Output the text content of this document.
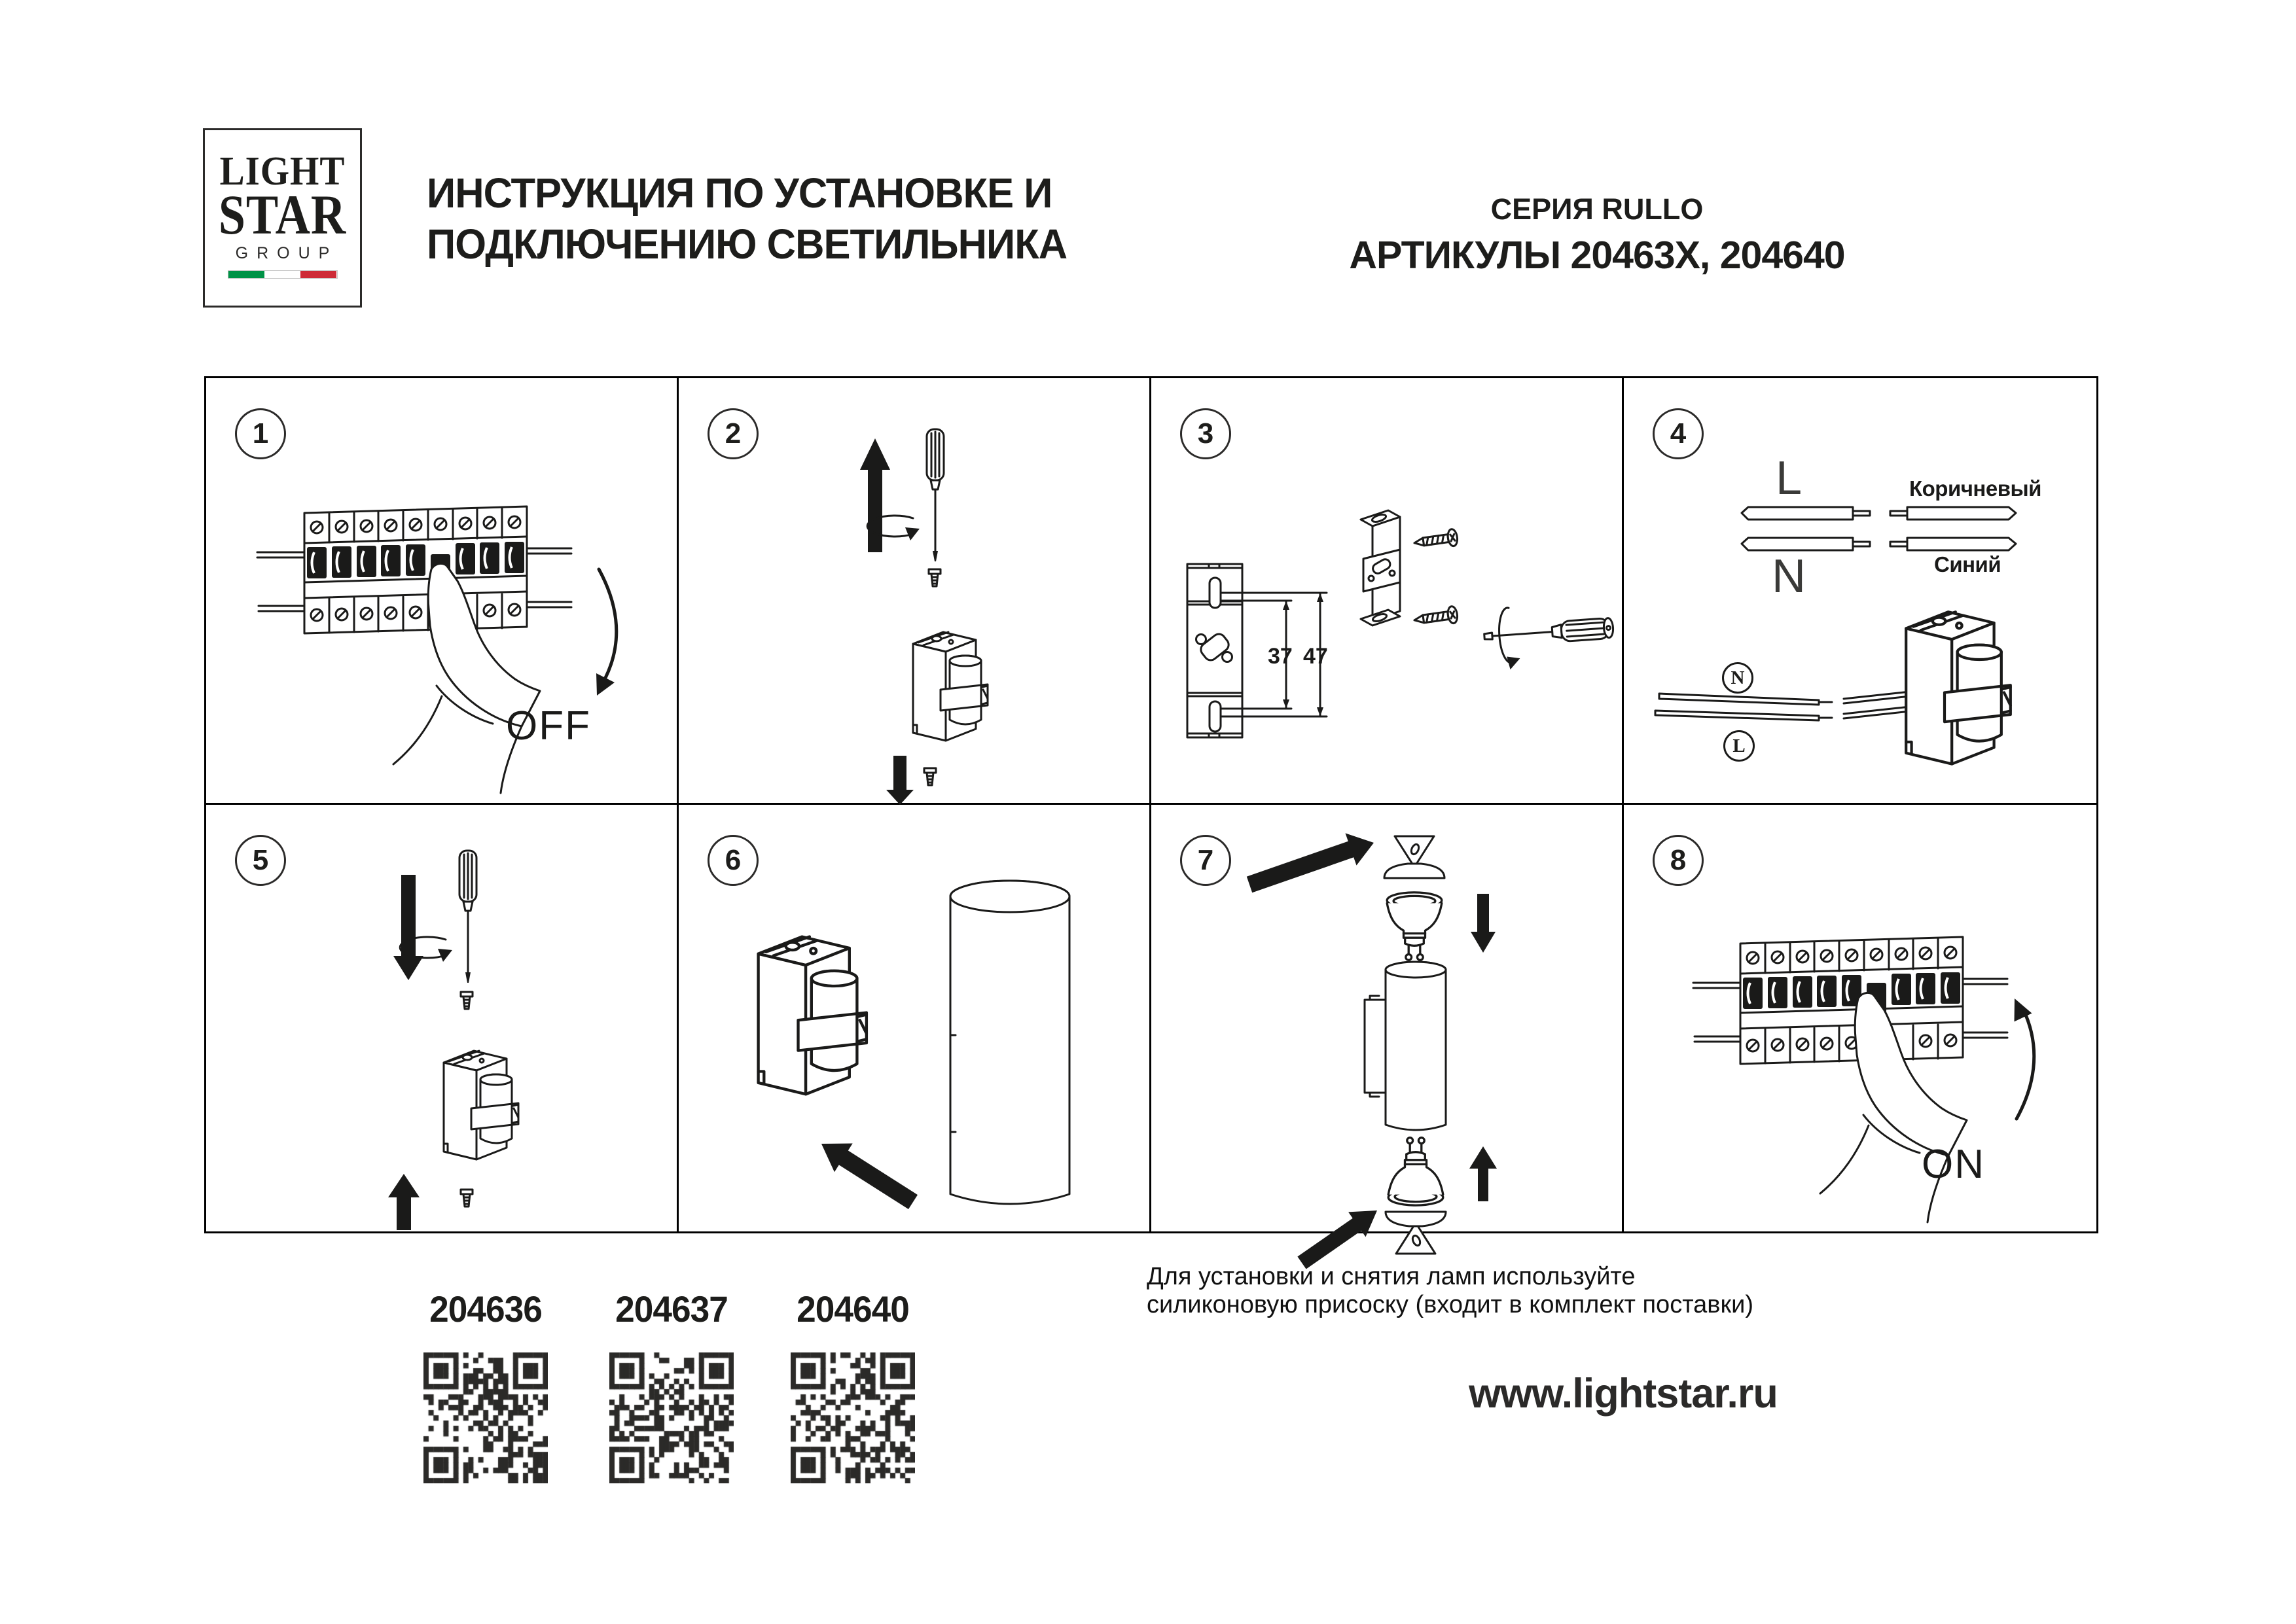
LIGHT
STAR
GROUP
ИНСТРУКЦИЯ ПО УСТАНОВКЕ И
ПОДКЛЮЧЕНИЮ СВЕТИЛЬНИКА
СЕРИЯ RULLO
АРТИКУЛЫ 20463X, 204640
1
OFF
2	3
37 47
4
L
N
Коричневый
Синий
N
L
5	6	7	8
ON
204636 204637 204640
Для установки и снятия ламп используйте
силиконовую присоску (входит в комплект поставки)
www.lightstar.ru
